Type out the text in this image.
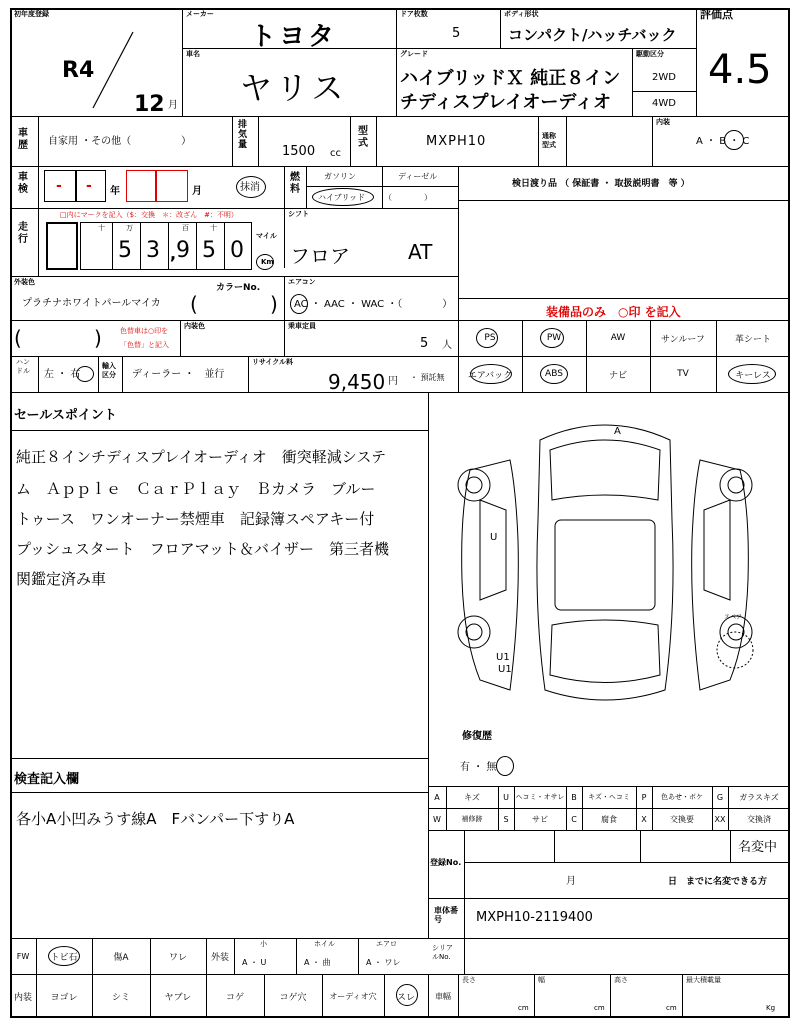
初年度登録
R4
12 月
メーカー
トヨタ
ドア枚数
5
ボディ形状
コンパクト/ハッチバック
評価点
4.5
車名
ヤリス
グレード
ハイブリッドＸ 純正８イン
チディスプレイオーディオ
駆動区分
2WD
4WD
車歴 自家用 ・その他（　　　　　）
排気量	1500 cc
型式	MXPH10	通称型式
内装
A ・ B ・ C
車検 - - 年	月	抹消
燃料
ガソリン	ディーゼル
ハイブリッド （　　　　）
検日渡り品 （ 保証書 ・ 取扱説明書　等 ）
走行
□内にマークを記入（$：交換　＊：改ざん　#：不明）
十	万	百	十
5 3 , 9 5 0
マイル
Km
シフト
フロア	AT
外装色
プラチナホワイトパールマイカ
カラーNo.
(	)
エアコン
AC ・ AAC ・ WAC ・（　　　　）
装備品のみ　○印 を記入
(	)	色替車は○印を
「色替」と記入
内装色	乗車定員
5 人
PS	PW	AW	サンルーフ	革シート
エアバック	ABS	ナビ	TV	キーレス
ハンドル 左 ・ 右
輸入区分	ディーラー ・　並行
リサイクル料
9,450 円 ・ 預託無
セールスポイント
純正８インチディスプレイオーディオ　衝突軽減システ
ム　Ａｐｐｌｅ　ＣａｒＰｌａｙ　Ｂカメラ　ブルー
トゥース　ワンオーナー禁煙車　記録簿スペアキー付
プッシュスタート　フロアマット＆バイザー　第三者機
関鑑定済み車
A
U
U1
U1
スペア
修復歴
有 ・ 無
検査記入欄
各小A小凹みうす線A　Fバンパー下すりA
A	キズ	U ヘコミ・オサレ B	キズ・ヘコミ	P	色あせ・ボケ	G	ガラスキズ
W	補修跡	S	サビ	C	腐食	X	交換要	XX	交換済
登録No.
名変中
月	日　までに名変できる方
車体番号	MXPH10-2119400
FW	トビ石	傷A	ワレ	外装
小
A ・ U
ホイル
A ・ 曲
エアロ
A ・ ワレ
シリアルNo.
内装	ヨゴレ	シミ	ヤブレ	コゲ	コゲ穴	オーディオ穴	スレ	車幅
長さ
cm
幅
cm
高さ
cm
最大積載量
Kg
